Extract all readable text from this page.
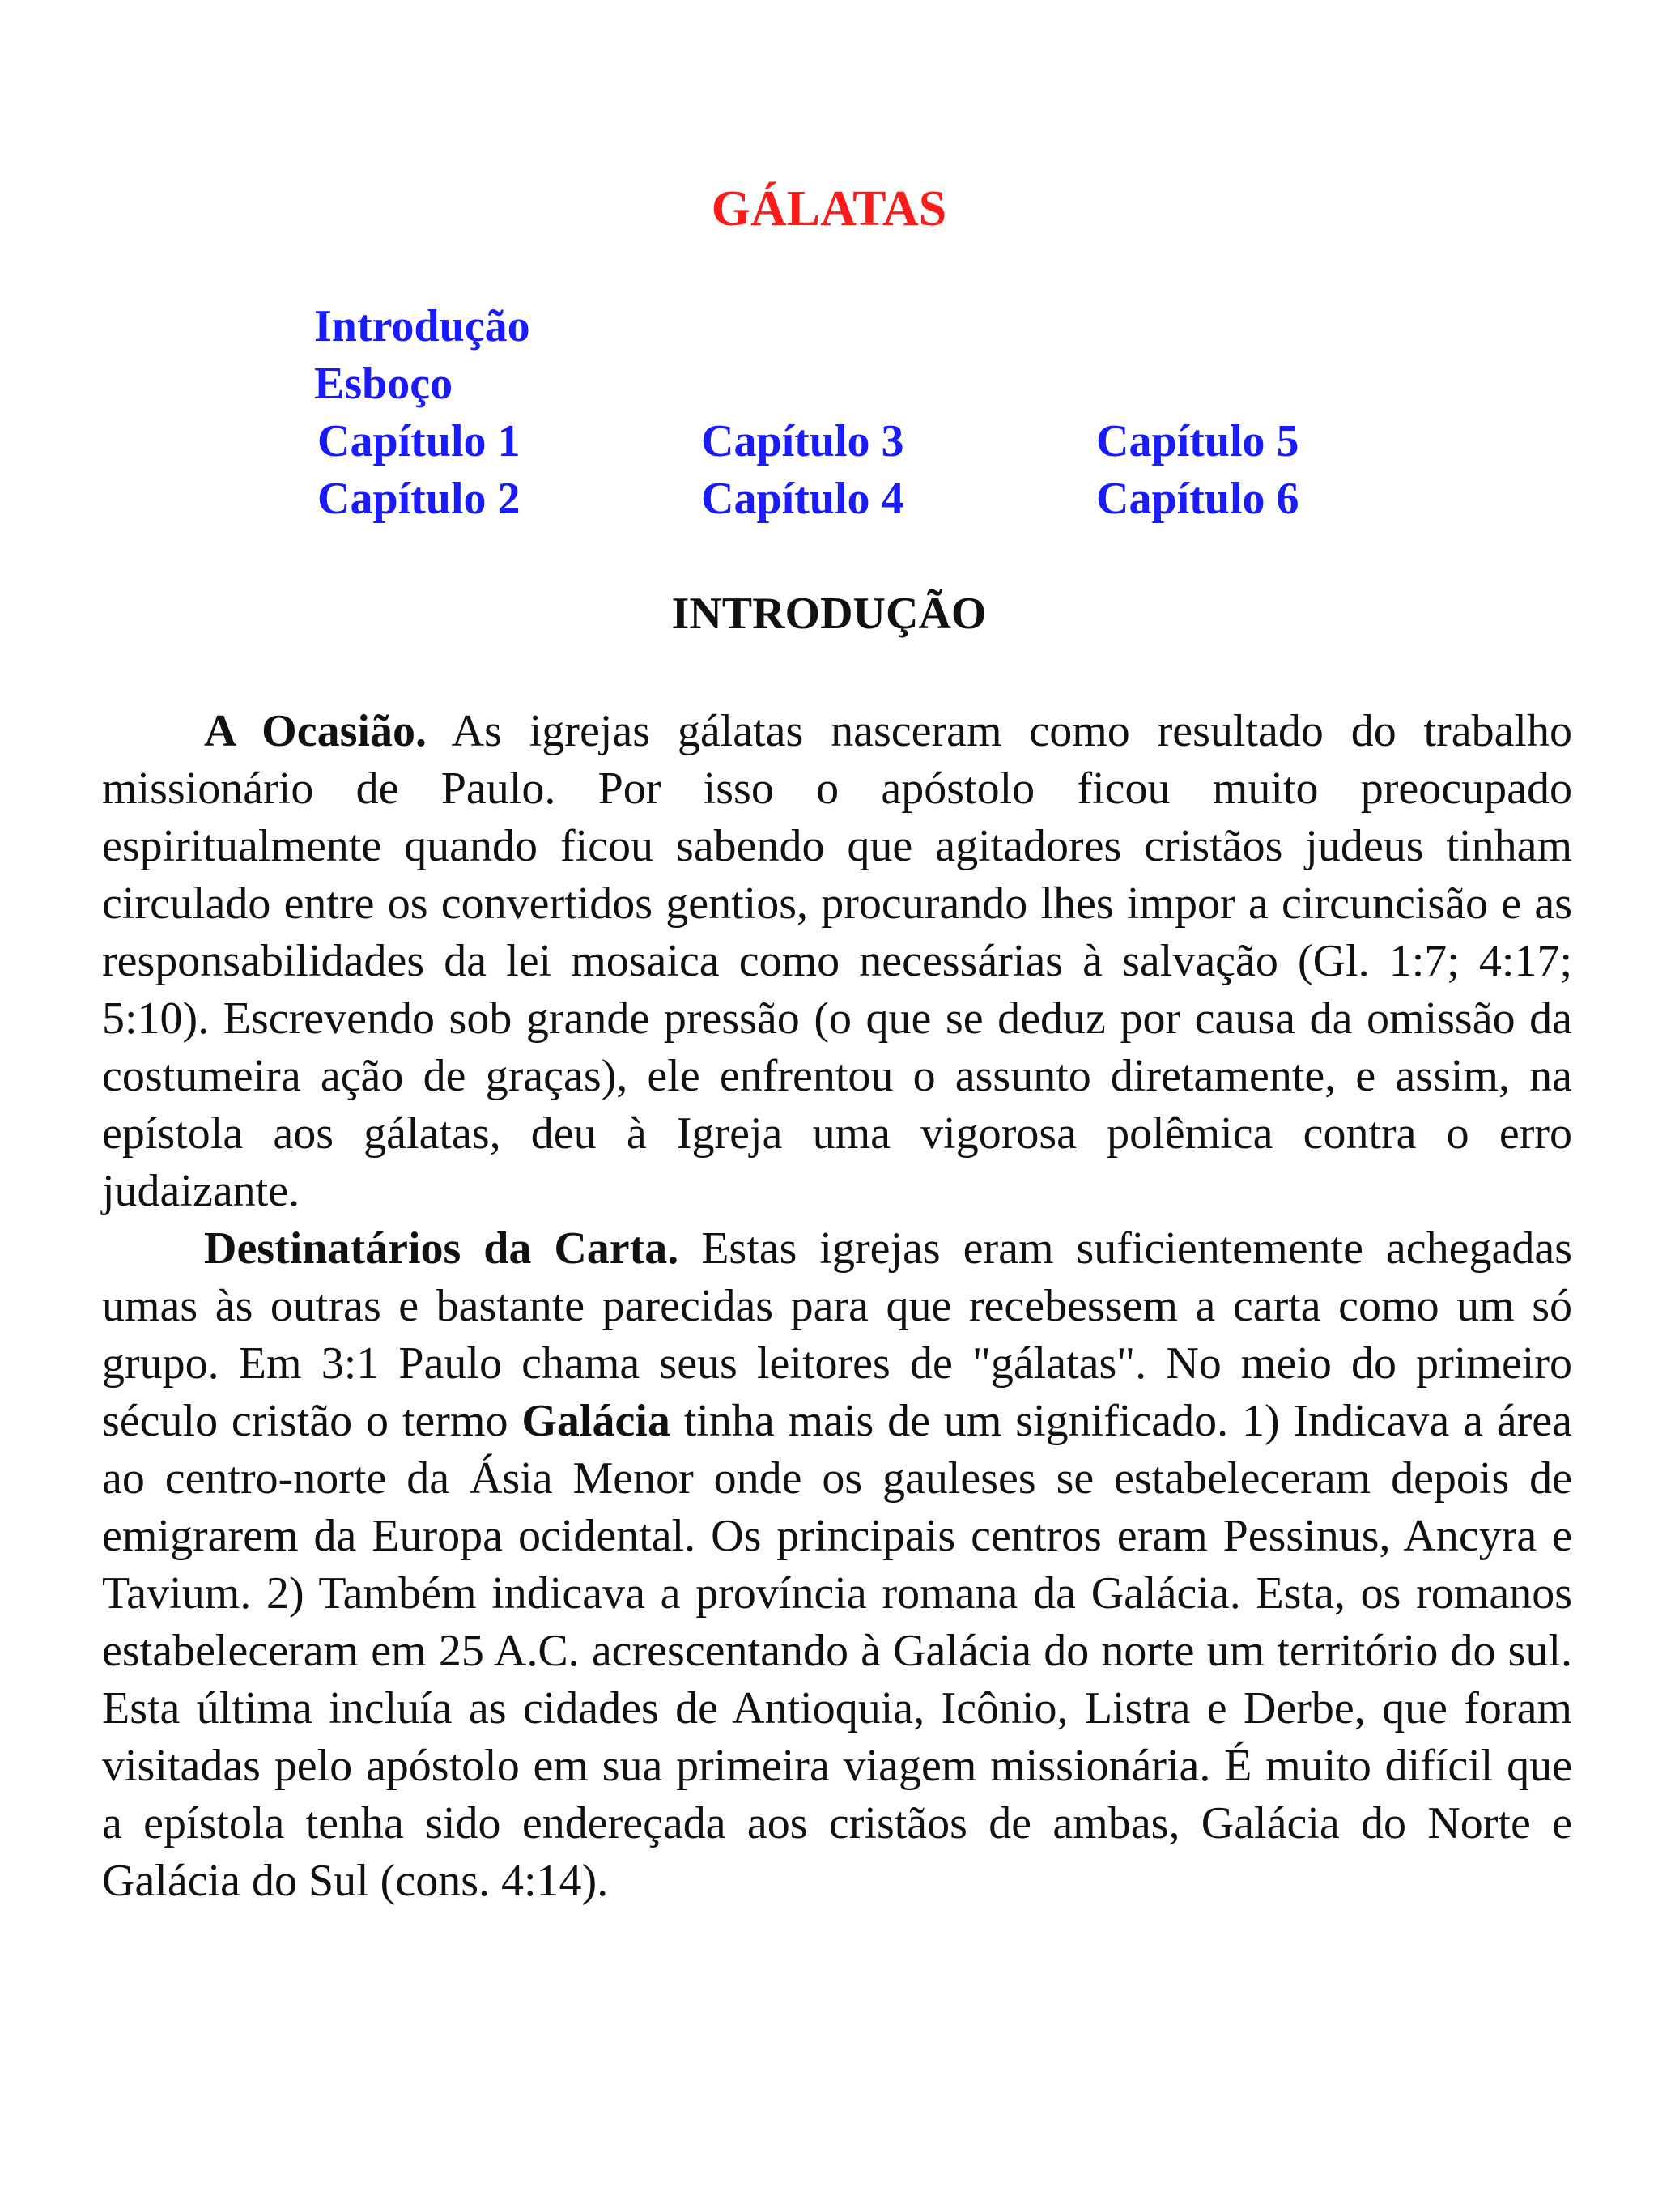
GÁLATAS
Introdução
Esboço
Capítulo 1	Capítulo 3	Capítulo 5
Capítulo 2	Capítulo 4	Capítulo 6
INTRODUÇÃO

A Ocasião. As igrejas gálatas nasceram como resultado do trabalho missionário de Paulo. Por isso o apóstolo ficou muito preocupado espiritualmente quando ficou sabendo que agitadores cristãos judeus tinham circulado entre os convertidos gentios, procurando lhes impor a circuncisão e as responsabilidades da lei mosaica como necessárias à salvação (Gl. 1:7; 4:17; 5:10). Escrevendo sob grande pressão (o que se deduz por causa da omissão da costumeira ação de graças), ele enfrentou o assunto diretamente, e assim, na epístola aos gálatas, deu à Igreja uma vigorosa polêmica contra o erro judaizante.

Destinatários da Carta. Estas igrejas eram suficientemente achegadas umas às outras e bastante parecidas para que recebessem a carta como um só grupo. Em 3:1 Paulo chama seus leitores de "gálatas". No meio do primeiro século cristão o termo Galácia tinha mais de um significado. 1) Indicava a área ao centro-norte da Ásia Menor onde os gauleses se estabeleceram depois de emigrarem da Europa ocidental. Os principais centros eram Pessinus, Ancyra e Tavium. 2) Também indicava a província romana da Galácia. Esta, os romanos estabeleceram em 25 A.C. acrescentando à Galácia do norte um território do sul. Esta última incluía as cidades de Antioquia, Icônio, Listra e Derbe, que foram visitadas pelo apóstolo em sua primeira viagem missionária. É muito difícil que a epístola tenha sido endereçada aos cristãos de ambas, Galácia do Norte e Galácia do Sul (cons. 4:14).
